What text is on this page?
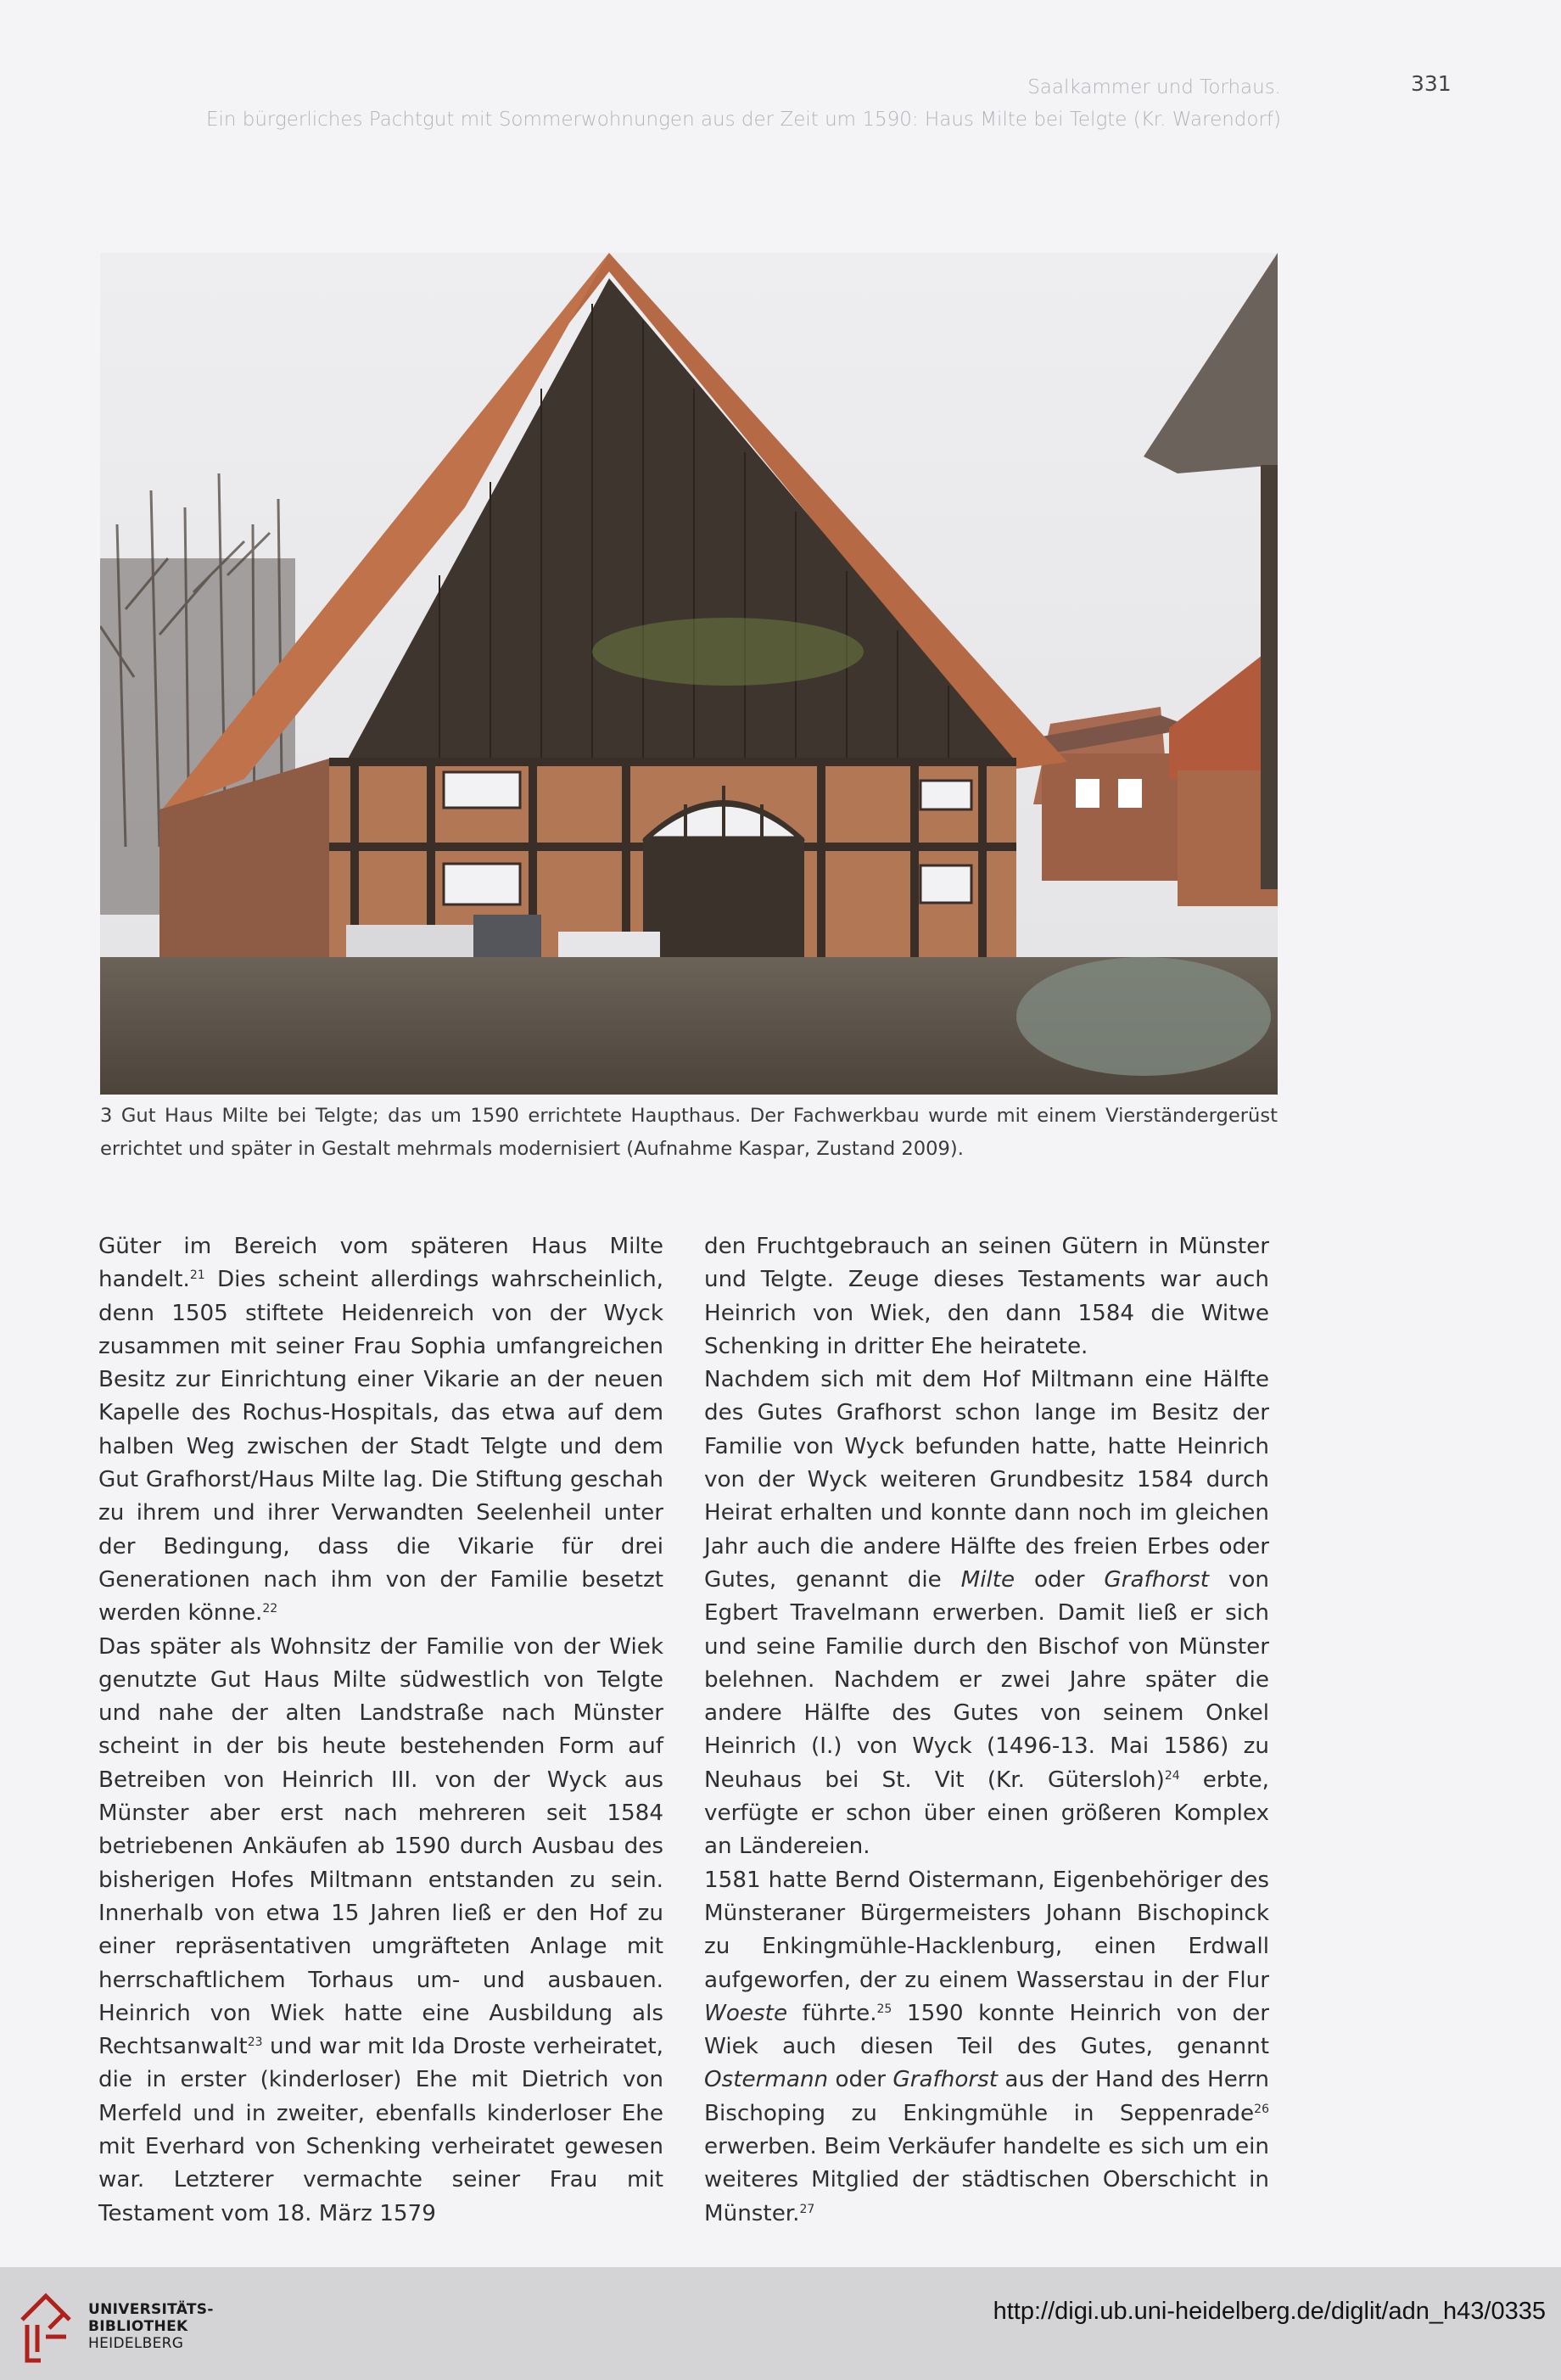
Saalkammer und Torhaus.
Ein bürgerliches Pachtgut mit Sommerwohnungen aus der Zeit um 1590: Haus Milte bei Telgte (Kr. Warendorf)
331
3 Gut Haus Milte bei Telgte; das um 1590 errichtete Haupthaus. Der Fachwerkbau wurde mit einem Vierständergerüst errichtet und später in Gestalt mehrmals modernisiert (Aufnahme Kaspar, Zustand 2009).

Güter im Bereich vom späteren Haus Milte handelt.$^{21}$ Dies scheint allerdings wahrscheinlich, denn 1505 stiftete Heidenreich von der Wyck zusammen mit seiner Frau Sophia umfangreichen Besitz zur Einrichtung einer Vikarie an der neuen Kapelle des Rochus-Hospitals, das etwa auf dem halben Weg zwischen der Stadt Telgte und dem Gut Grafhorst/Haus Milte lag. Die Stiftung geschah zu ihrem und ihrer Verwandten Seelenheil unter der Bedingung, dass die Vikarie für drei Generationen nach ihm von der Familie besetzt werden könne.$^{22}$

Das später als Wohnsitz der Familie von der Wiek genutzte Gut Haus Milte südwestlich von Telgte und nahe der alten Landstraße nach Münster scheint in der bis heute bestehenden Form auf Betreiben von Heinrich III. von der Wyck aus Münster aber erst nach mehreren seit 1584 betriebenen Ankäufen ab 1590 durch Ausbau des bisherigen Hofes Miltmann entstanden zu sein. Innerhalb von etwa 15 Jahren ließ er den Hof zu einer repräsentativen umgräfteten Anlage mit herrschaftlichem Torhaus um- und ausbauen. Heinrich von Wiek hatte eine Ausbildung als Rechtsanwalt$^{23}$ und war mit Ida Droste verheiratet, die in erster (kinderloser) Ehe mit Dietrich von Merfeld und in zweiter, ebenfalls kinderloser Ehe mit Everhard von Schenking verheiratet gewesen war. Letzterer vermachte seiner Frau mit Testament vom 18. März 1579

den Fruchtgebrauch an seinen Gütern in Münster und Telgte. Zeuge dieses Testaments war auch Heinrich von Wiek, den dann 1584 die Witwe Schenking in dritter Ehe heiratete.

Nachdem sich mit dem Hof Miltmann eine Hälfte des Gutes Grafhorst schon lange im Besitz der Familie von Wyck befunden hatte, hatte Heinrich von der Wyck weiteren Grundbesitz 1584 durch Heirat erhalten und konnte dann noch im gleichen Jahr auch die andere Hälfte des freien Erbes oder Gutes, genannt die Milte oder Grafhorst von Egbert Travelmann erwerben. Damit ließ er sich und seine Familie durch den Bischof von Münster belehnen. Nachdem er zwei Jahre später die andere Hälfte des Gutes von seinem Onkel Heinrich (I.) von Wyck (1496-13. Mai 1586) zu Neuhaus bei St. Vit (Kr. Gütersloh)$^{24}$ erbte, verfügte er schon über einen größeren Komplex an Ländereien.

1581 hatte Bernd Oistermann, Eigenbehöriger des Münsteraner Bürgermeisters Johann Bischopinck zu Enkingmühle-Hacklenburg, einen Erdwall aufgeworfen, der zu einem Wasserstau in der Flur Woeste führte.$^{25}$ 1590 konnte Heinrich von der Wiek auch diesen Teil des Gutes, genannt Ostermann oder Grafhorst aus der Hand des Herrn Bischoping zu Enkingmühle in Seppenrade$^{26}$ erwerben. Beim Verkäufer handelte es sich um ein weiteres Mitglied der städtischen Oberschicht in Münster.$^{27}$

UNIVERSITÄTS-
BIBLIOTHEK
HEIDELBERG
http://digi.ub.uni-heidelberg.de/diglit/adn_h43/0335
